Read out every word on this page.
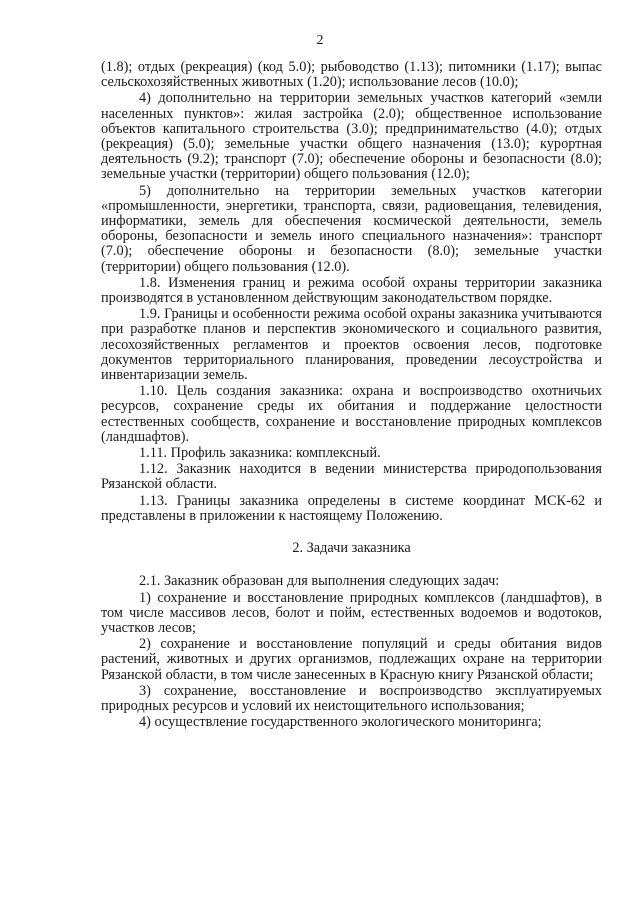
2

(1.8); отдых (рекреация) (код 5.0); рыбоводство (1.13); питомники (1.17); выпас сельскохозяйственных животных (1.20); использование лесов (10.0);

4) дополнительно на территории земельных участков категорий «земли населенных пунктов»: жилая застройка (2.0); общественное использование объектов капитального строительства (3.0); предпринимательство (4.0); отдых (рекреация) (5.0); земельные участки общего назначения (13.0); курортная деятельность (9.2); транспорт (7.0); обеспечение обороны и безопасности (8.0); земельные участки (территории) общего пользования (12.0);

5) дополнительно на территории земельных участков категории «промышленности, энергетики, транспорта, связи, радиовещания, телевидения, информатики, земель для обеспечения космической деятельности, земель обороны, безопасности и земель иного специального назначения»: транспорт (7.0); обеспечение обороны и безопасности (8.0); земельные участки (территории) общего пользования (12.0).

1.8. Изменения границ и режима особой охраны территории заказника производятся в установленном действующим законодательством порядке.

1.9. Границы и особенности режима особой охраны заказника учитываются при разработке планов и перспектив экономического и социального развития, лесохозяйственных регламентов и проектов освоения лесов, подготовке документов территориального планирования, проведении лесоустройства и инвентаризации земель.

1.10. Цель создания заказника: охрана и воспроизводство охотничьих ресурсов, сохранение среды их обитания и поддержание целостности естественных сообществ, сохранение и восстановление природных комплексов (ландшафтов).

1.11. Профиль заказника: комплексный.

1.12. Заказник находится в ведении министерства природопользования Рязанской области.

1.13. Границы заказника определены в системе координат МСК-62 и представлены в приложении к настоящему Положению.

2. Задачи заказника

2.1. Заказник образован для выполнения следующих задач:

1) сохранение и восстановление природных комплексов (ландшафтов), в том числе массивов лесов, болот и пойм, естественных водоемов и водотоков, участков лесов;

2) сохранение и восстановление популяций и среды обитания видов растений, животных и других организмов, подлежащих охране на территории Рязанской области, в том числе занесенных в Красную книгу Рязанской области;

3) сохранение, восстановление и воспроизводство эксплуатируемых природных ресурсов и условий их неистощительного использования;

4) осуществление государственного экологического мониторинга;
